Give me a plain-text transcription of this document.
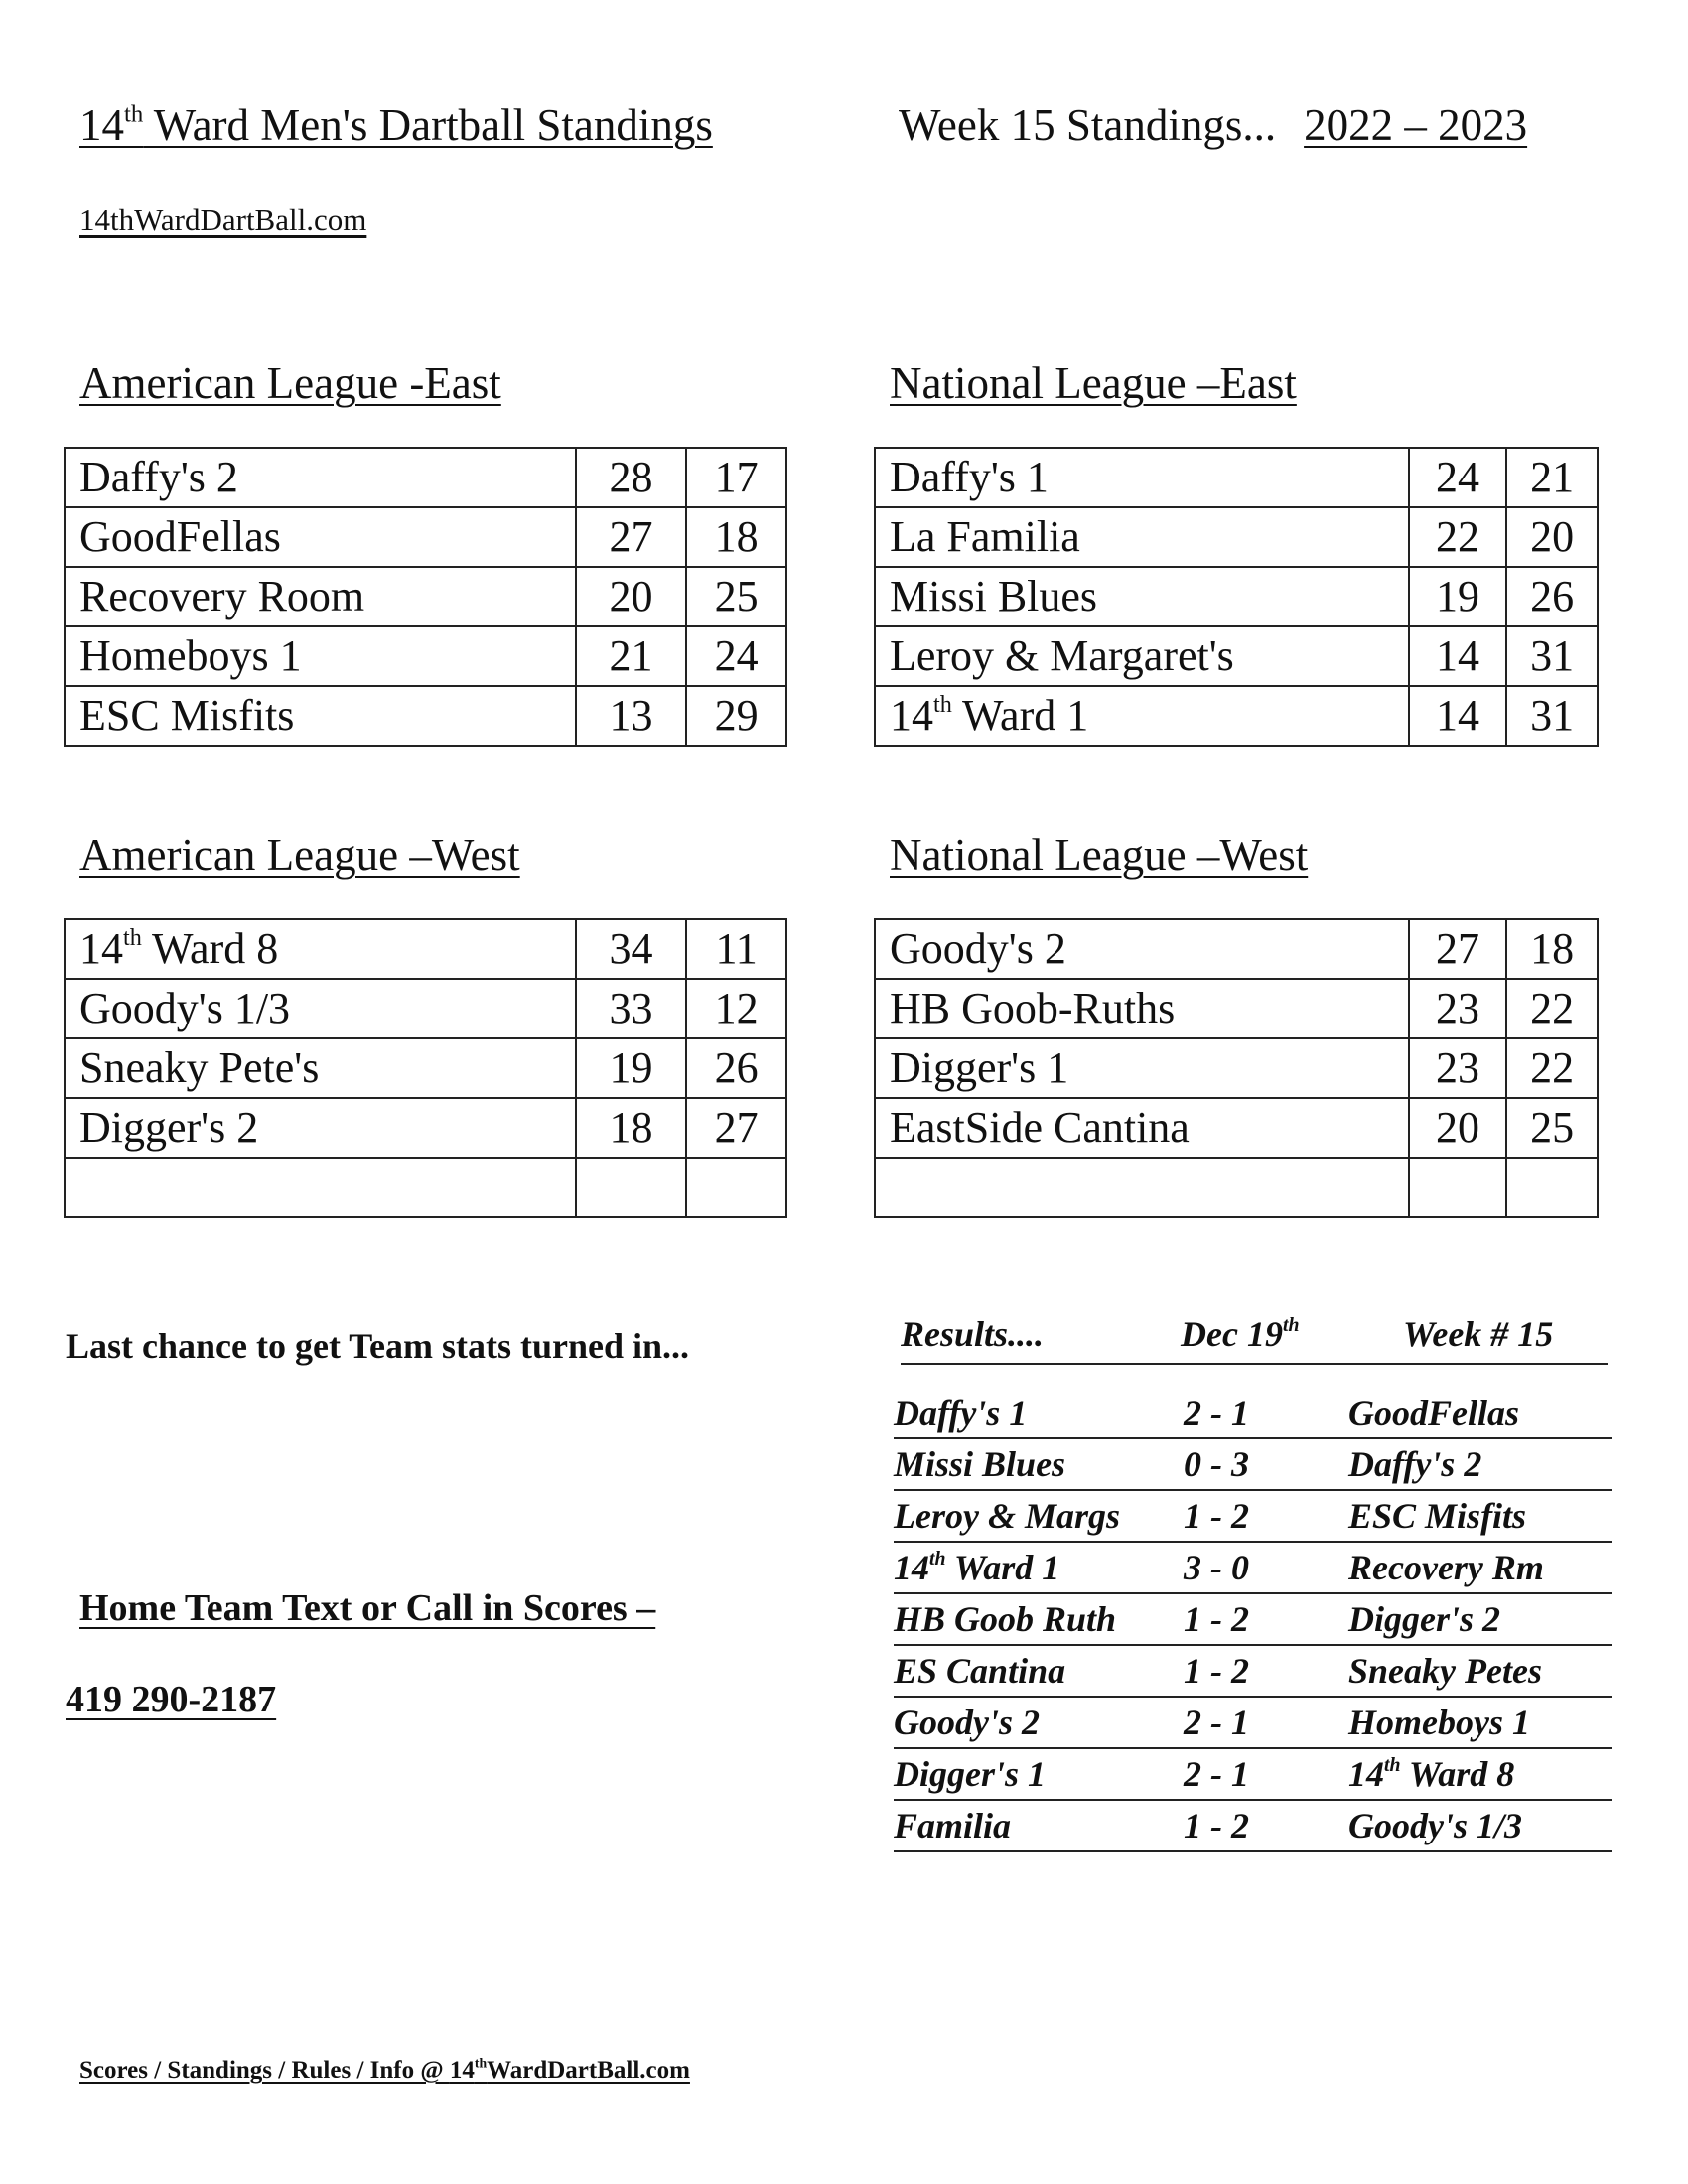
14th Ward Men's Dartball Standings	Week 15 Standings... 2022 – 2023
14thWardDartBall.com
American League -East
Daffy's 2	28	17
GoodFellas	27	18
Recovery Room	20	25
Homeboys 1	21	24
ESC Misfits	13	29
National League –East
Daffy's 1	24	21
La Familia	22	20
Missi Blues	19	26
Leroy & Margaret's	14	31
14th Ward 1	14	31
American League –West
14th Ward 8	34	11
Goody's 1/3	33	12
Sneaky Pete's	19	26
Digger's 2	18	27

National League –West
Goody's 2	27	18
HB Goob-Ruths	23	22
Digger's 1	23	22
EastSide Cantina	20	25

Last chance to get Team stats turned in...
Home Team Text or Call in Scores –
419 290-2187
Results....	Dec 19th	Week # 15
Daffy's 1	2 - 1	GoodFellas
Missi Blues	0 - 3	Daffy's 2
Leroy & Margs 1 - 2	ESC Misfits
14th Ward 1	3 - 0	Recovery Rm
HB Goob Ruth 1 - 2	Digger's 2
ES Cantina	1 - 2	Sneaky Petes
Goody's 2	2 - 1	Homeboys 1
Digger's 1	2 - 1	14th Ward 8
Familia	1 - 2	Goody's 1/3
Scores / Standings / Rules / Info @ 14thWardDartBall.com
